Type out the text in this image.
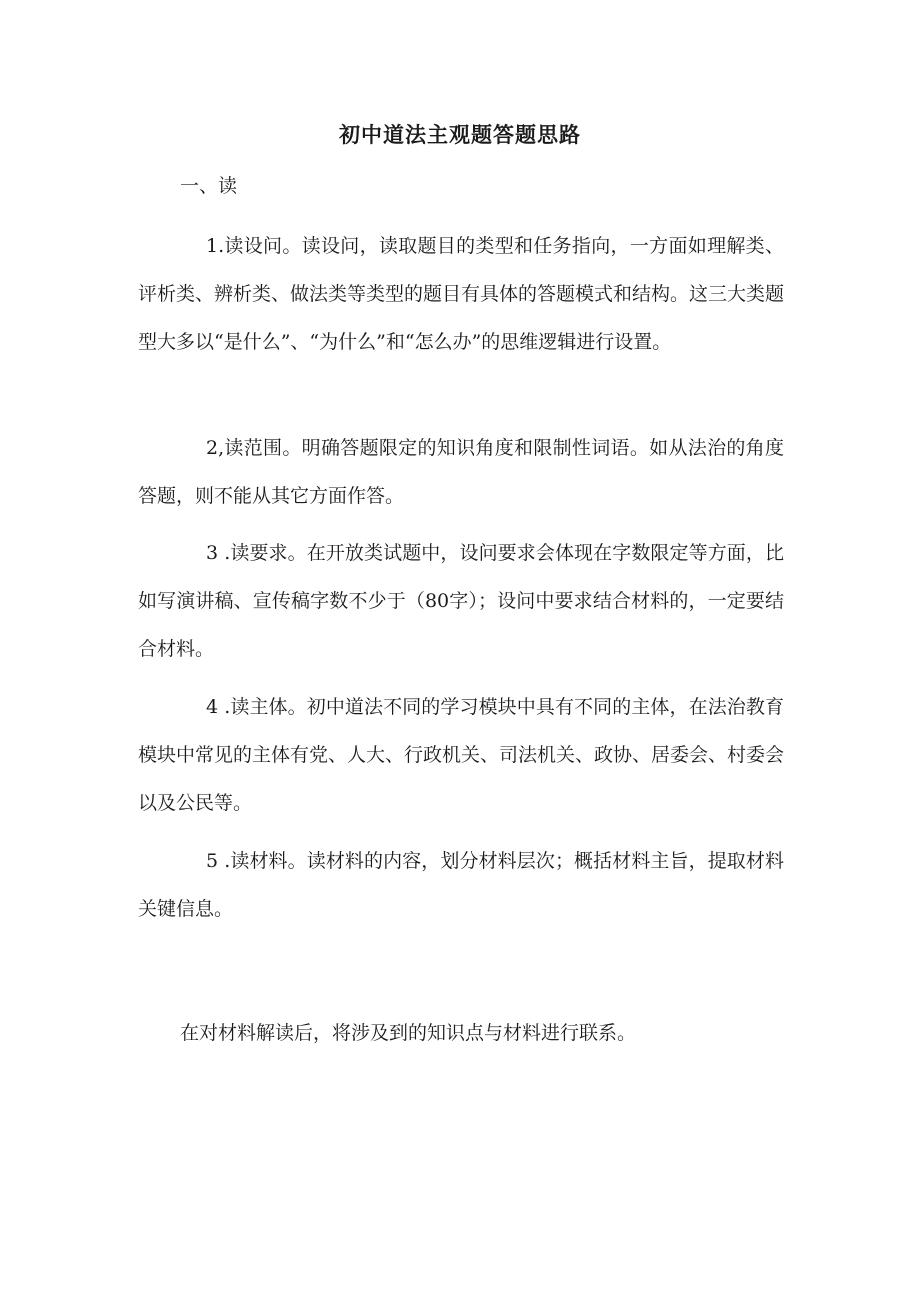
初中道法主观题答题思路
一、读
1.读设问。读设问，读取题目的类型和任务指向，一方面如理解类、评析类、辨析类、做法类等类型的题目有具体的答题模式和结构。这三大类题型大多以“是什么”、“为什么”和“怎么办”的思维逻辑进行设置。
2,读范围。明确答题限定的知识角度和限制性词语。如从法治的角度答题，则不能从其它方面作答。
3 .读要求。在开放类试题中，设问要求会体现在字数限定等方面，比如写演讲稿、宣传稿字数不少于（80字）；设问中要求结合材料的，一定要结合材料。
4 .读主体。初中道法不同的学习模块中具有不同的主体，在法治教育模块中常见的主体有党、人大、行政机关、司法机关、政协、居委会、村委会以及公民等。
5 .读材料。读材料的内容，划分材料层次；概括材料主旨，提取材料关键信息。
在对材料解读后，将涉及到的知识点与材料进行联系。
